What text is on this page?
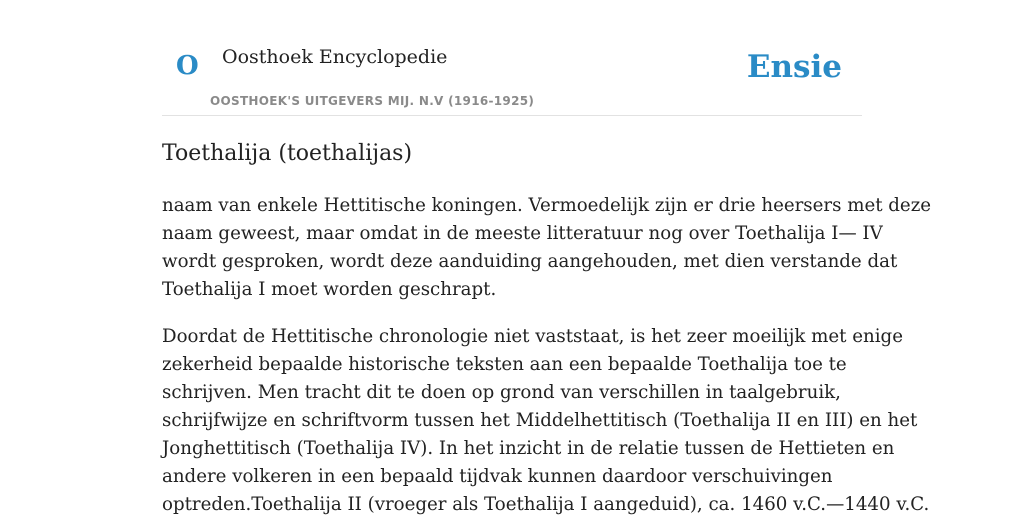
O Oosthoek Encyclopedie
OOSTHOEK'S UITGEVERS MIJ. N.V (1916-1925)
Ensie
Toethalija (toethalijas)

naam van enkele Hettitische koningen. Vermoedelijk zijn er drie heersers met deze
naam geweest, maar omdat in de meeste litteratuur nog over Toethalija I— IV
wordt gesproken, wordt deze aanduiding aangehouden, met dien verstande dat
Toethalija I moet worden geschrapt.

Doordat de Hettitische chronologie niet vaststaat, is het zeer moeilijk met enige
zekerheid bepaalde historische teksten aan een bepaalde Toethalija toe te
schrijven. Men tracht dit te doen op grond van verschillen in taalgebruik,
schrijfwijze en schriftvorm tussen het Middelhettitisch (Toethalija II en III) en het
Jonghettitisch (Toethalija IV). In het inzicht in de relatie tussen de Hettieten en
andere volkeren in een bepaald tijdvak kunnen daardoor verschuivingen
optreden.Toethalija II (vroeger als Toethalija I aangeduid), ca. 1460 v.C.—1440 v.C.
